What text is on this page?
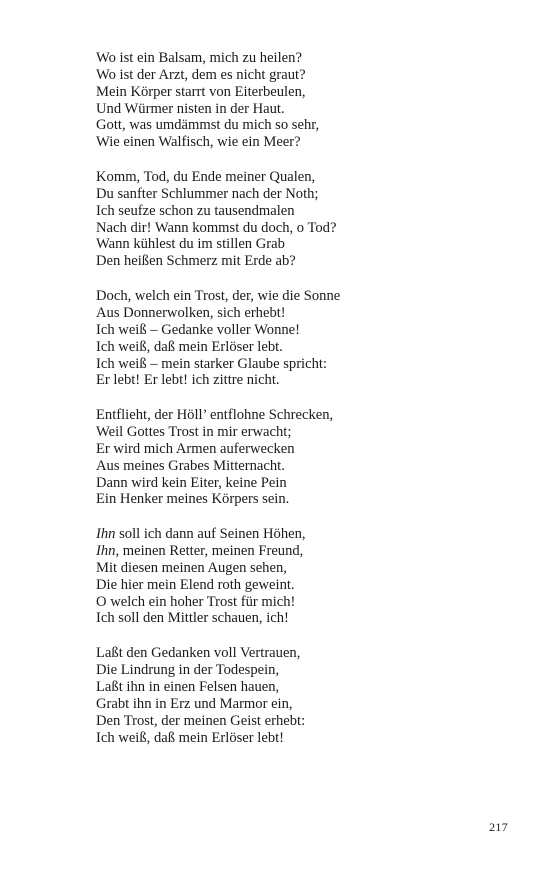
Wo ist ein Balsam, mich zu heilen?
Wo ist der Arzt, dem es nicht graut?
Mein Körper starrt von Eiterbeulen,
Und Würmer nisten in der Haut.
Gott, was umdämmst du mich so sehr,
Wie einen Walfisch, wie ein Meer?
Komm, Tod, du Ende meiner Qualen,
Du sanfter Schlummer nach der Noth;
Ich seufze schon zu tausendmalen
Nach dir! Wann kommst du doch, o Tod?
Wann kühlest du im stillen Grab
Den heißen Schmerz mit Erde ab?
Doch, welch ein Trost, der, wie die Sonne
Aus Donnerwolken, sich erhebt!
Ich weiß – Gedanke voller Wonne!
Ich weiß, daß mein Erlöser lebt.
Ich weiß – mein starker Glaube spricht:
Er lebt! Er lebt! ich zittre nicht.
Entflieht, der Höll’ entflohne Schrecken,
Weil Gottes Trost in mir erwacht;
Er wird mich Armen auferwecken
Aus meines Grabes Mitternacht.
Dann wird kein Eiter, keine Pein
Ein Henker meines Körpers sein.
Ihn soll ich dann auf Seinen Höhen,
Ihn, meinen Retter, meinen Freund,
Mit diesen meinen Augen sehen,
Die hier mein Elend roth geweint.
O welch ein hoher Trost für mich!
Ich soll den Mittler schauen, ich!
Laßt den Gedanken voll Vertrauen,
Die Lindrung in der Todespein,
Laßt ihn in einen Felsen hauen,
Grabt ihn in Erz und Marmor ein,
Den Trost, der meinen Geist erhebt:
Ich weiß, daß mein Erlöser lebt!
217
